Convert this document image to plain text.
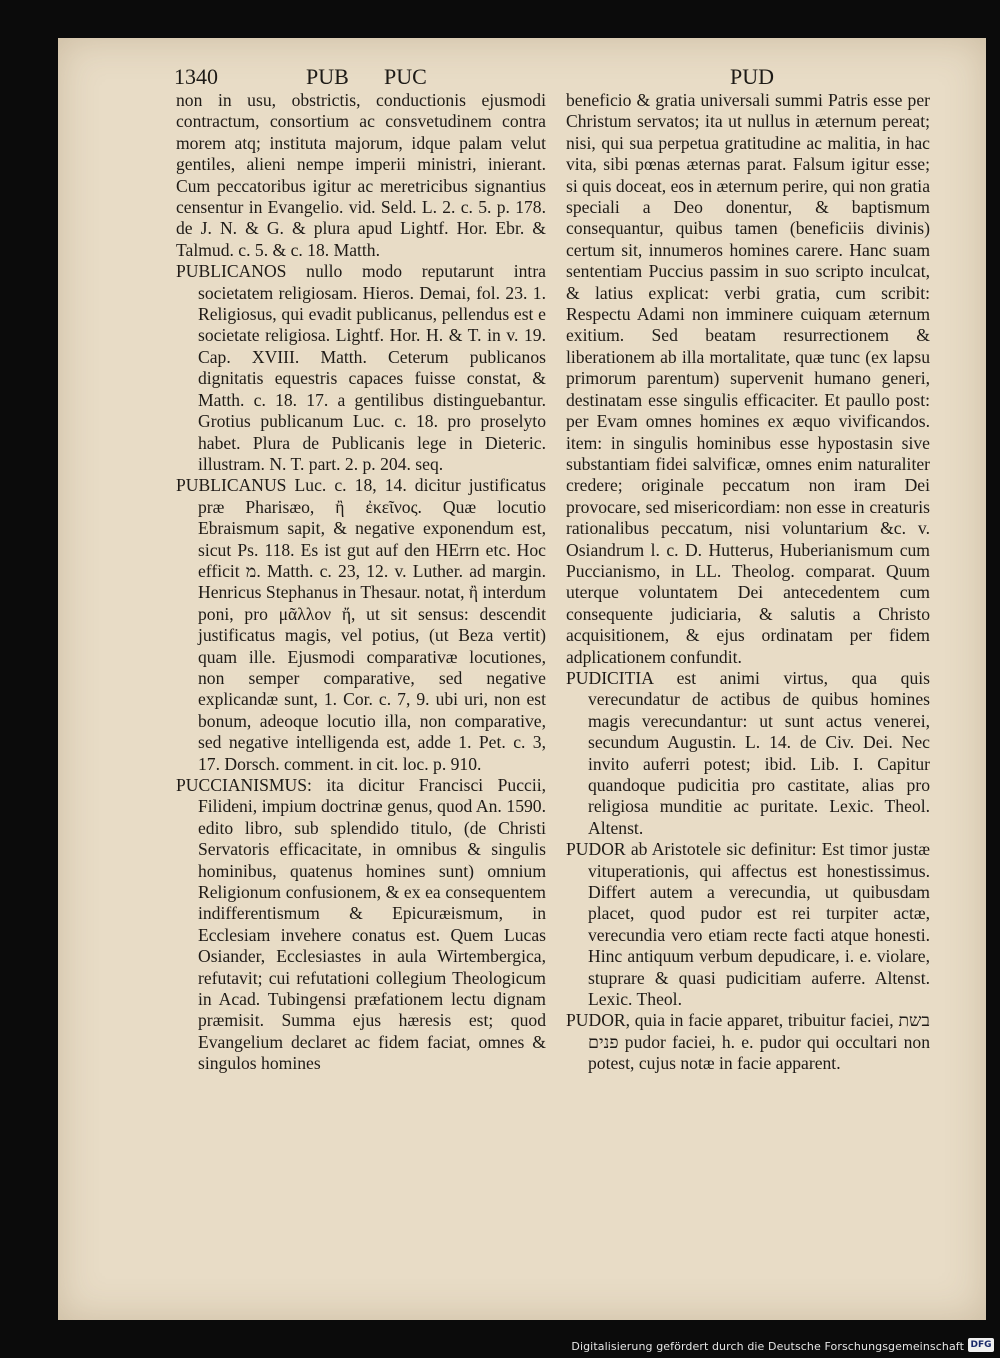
1340	PUB PUC	PUD

non in usu, obstrictis, conductionis ejusmodi contractum, consortium ac consvetudinem contra morem atq; instituta majorum, idque palam velut gentiles, alieni nempe imperii ministri, inierant. Cum peccatoribus igitur ac meretricibus signantius censentur in Evangelio. vid. Seld. L. 2. c. 5. p. 178. de J. N. & G. & plura apud Lightf. Hor. Ebr. & Talmud. c. 5. & c. 18. Matth.

PUBLICANOS nullo modo reputarunt intra societatem religiosam. Hieros. Demai, fol. 23. 1. Religiosus, qui evadit publicanus, pellendus est e societate religiosa. Lightf. Hor. H. & T. in v. 19. Cap. XVIII. Matth. Ceterum publicanos dignitatis equestris capaces fuisse constat, & Matth. c. 18. 17. a gentilibus distinguebantur. Grotius publicanum Luc. c. 18. pro proselyto habet. Plura de Publicanis lege in Dieteric. illustram. N. T. part. 2. p. 204. seq.

PUBLICANUS Luc. c. 18, 14. dicitur justificatus præ Pharisæo, ἢ ἐκεῖνος. Quæ locutio Ebraismum sapit, & negative exponendum est, sicut Ps. 118. Es ist gut auf den HErrn etc. Hoc efficit מ. Matth. c. 23, 12. v. Luther. ad margin. Henricus Stephanus in Thesaur. notat, ἢ interdum poni, pro μᾶλλον ἤ, ut sit sensus: descendit justificatus magis, vel potius, (ut Beza vertit) quam ille. Ejusmodi comparativæ locutiones, non semper comparative, sed negative explicandæ sunt, 1. Cor. c. 7, 9. ubi uri, non est bonum, adeoque locutio illa, non comparative, sed negative intelligenda est, adde 1. Pet. c. 3, 17. Dorsch. comment. in cit. loc. p. 910.

PUCCIANISMUS: ita dicitur Francisci Puccii, Filideni, impium doctrinæ genus, quod An. 1590. edito libro, sub splendido titulo, (de Christi Servatoris efficacitate, in omnibus & singulis hominibus, quatenus homines sunt) omnium Religionum confusionem, & ex ea consequentem indifferentismum & Epicuræismum, in Ecclesiam invehere conatus est. Quem Lucas Osiander, Ecclesiastes in aula Wirtembergica, refutavit; cui refutationi collegium Theologicum in Acad. Tubingensi præfationem lectu dignam præmisit. Summa ejus hæresis est; quod Evangelium declaret ac fidem faciat, omnes & singulos homines

beneficio & gratia universali summi Patris esse per Christum servatos; ita ut nullus in æternum pereat; nisi, qui sua perpetua gratitudine ac malitia, in hac vita, sibi pœnas æternas parat. Falsum igitur esse; si quis doceat, eos in æternum perire, qui non gratia speciali a Deo donentur, & baptismum consequantur, quibus tamen (beneficiis divinis) certum sit, innumeros homines carere. Hanc suam sententiam Puccius passim in suo scripto inculcat, & latius explicat: verbi gratia, cum scribit: Respectu Adami non imminere cuiquam æternum exitium. Sed beatam resurrectionem & liberationem ab illa mortalitate, quæ tunc (ex lapsu primorum parentum) supervenit humano generi, destinatam esse singulis efficaciter. Et paullo post: per Evam omnes homines ex æquo vivificandos. item: in singulis hominibus esse hypostasin sive substantiam fidei salvificæ, omnes enim naturaliter credere; originale peccatum non iram Dei provocare, sed misericordiam: non esse in creaturis rationalibus peccatum, nisi voluntarium &c. v. Osiandrum l. c. D. Hutterus, Huberianismum cum Puccianismo, in LL. Theolog. comparat. Quum uterque voluntatem Dei antecedentem cum consequente judiciaria, & salutis a Christo acquisitionem, & ejus ordinatam per fidem adplicationem confundit.

PUDICITIA est animi virtus, qua quis verecundatur de actibus de quibus homines magis verecundantur: ut sunt actus venerei, secundum Augustin. L. 14. de Civ. Dei. Nec invito auferri potest; ibid. Lib. I. Capitur quandoque pudicitia pro castitate, alias pro religiosa munditie ac puritate. Lexic. Theol. Altenst.

PUDOR ab Aristotele sic definitur: Est timor justæ vituperationis, qui affectus est honestissimus. Differt autem a verecundia, ut quibusdam placet, quod pudor est rei turpiter actæ, verecundia vero etiam recte facti atque honesti. Hinc antiquum verbum depudicare, i. e. violare, stuprare & quasi pudicitiam auferre. Altenst. Lexic. Theol.

PUDOR, quia in facie apparet, tribuitur faciei, בשת פנים pudor faciei, h. e. pudor qui occultari non potest, cujus notæ in facie apparent.

Digitalisierung gefördert durch die Deutsche Forschungsgemeinschaft DFG
